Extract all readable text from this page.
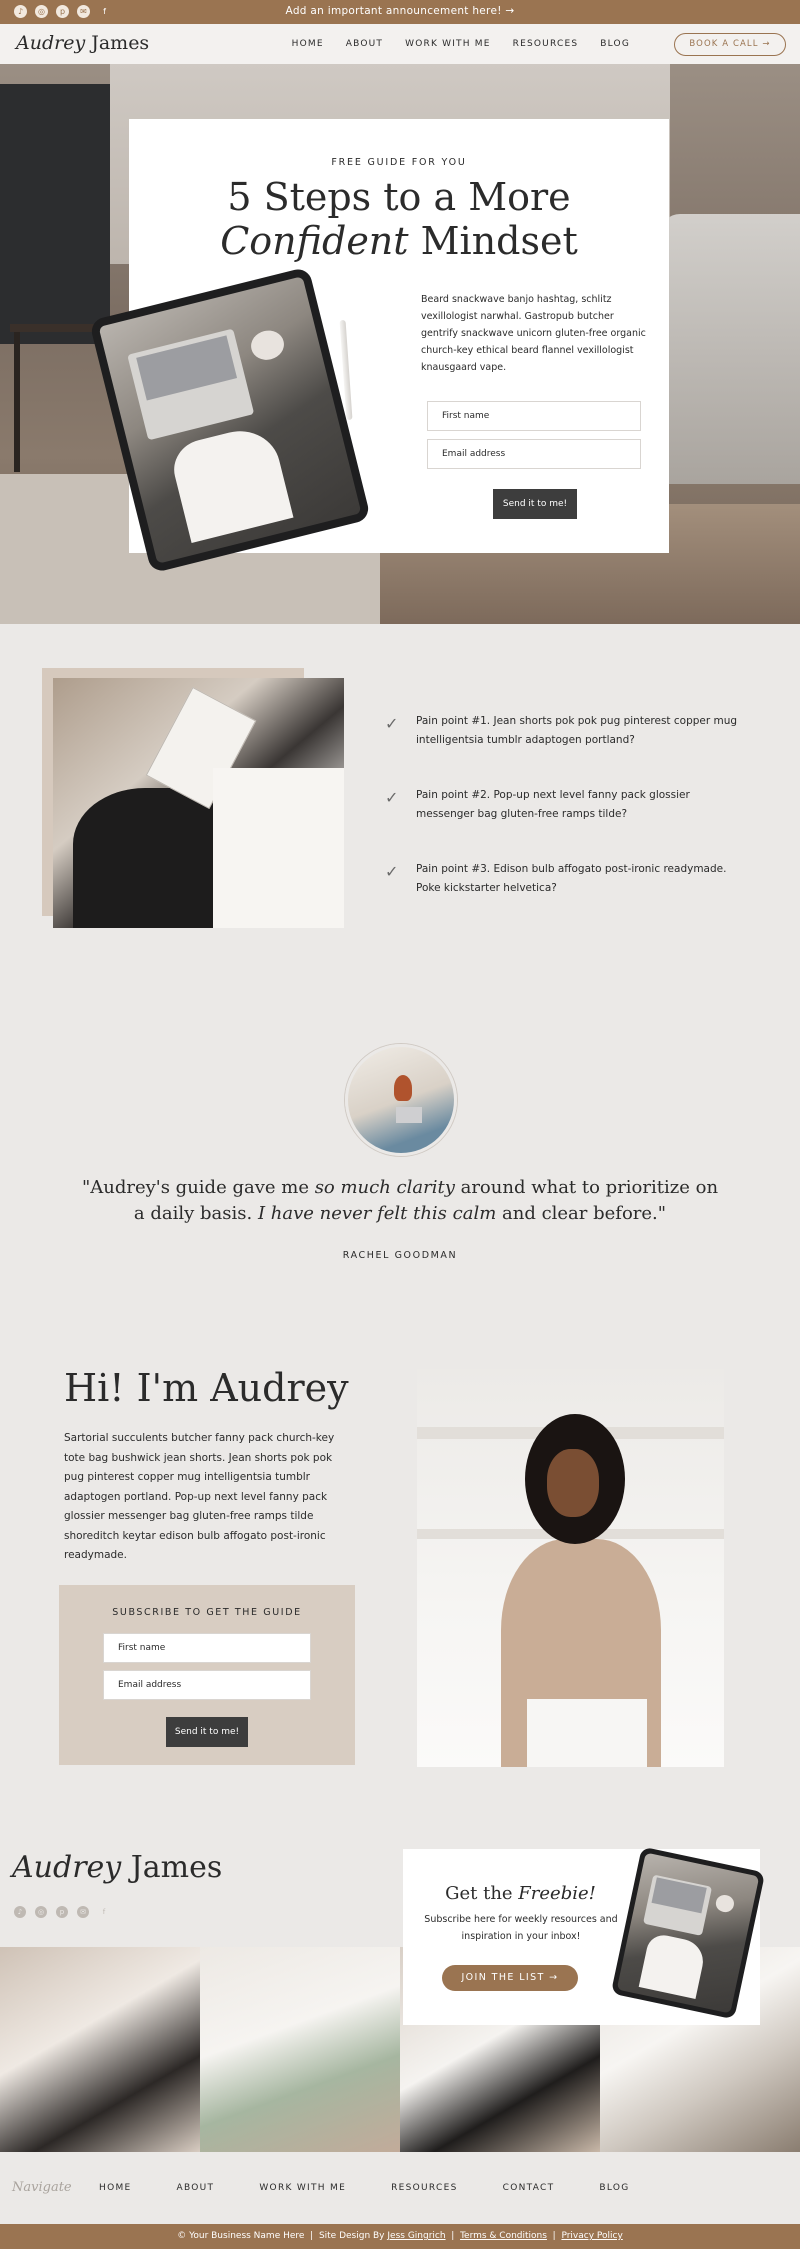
♪	◎	p	✉	f	Add an important announcement here! →
Audrey James	HOME ABOUT WORK WITH ME RESOURCES BLOG	BOOK A CALL →
FREE GUIDE FOR YOU
5 Steps to a More
Confident Mindset
Beard snackwave banjo hashtag, schlitz vexillologist narwhal. Gastropub butcher gentrify snackwave unicorn gluten-free organic church-key ethical beard flannel vexillologist knausgaard vape.
First name
Email address
Send it to me!
✓	Pain point #1. Jean shorts pok pok pug pinterest copper mug intelligentsia tumblr adaptogen portland?
✓	Pain point #2. Pop-up next level fanny pack glossier messenger bag gluten-free ramps tilde?
✓	Pain point #3. Edison bulb affogato post-ironic readymade. Poke kickstarter helvetica?
"Audrey's guide gave me so much clarity around what to prioritize on a daily basis. I have never felt this calm and clear before."
RACHEL GOODMAN
Hi! I'm Audrey
Sartorial succulents butcher fanny pack church-key tote bag bushwick jean shorts. Jean shorts pok pok pug pinterest copper mug intelligentsia tumblr adaptogen portland. Pop-up next level fanny pack glossier messenger bag gluten-free ramps tilde shoreditch keytar edison bulb affogato post-ironic readymade.
SUBSCRIBE TO GET THE GUIDE
First name
Email address
Send it to me!
Audrey James
♪	◎	p	✉	f
Get the Freebie!
Subscribe here for weekly resources and inspiration in your inbox!
JOIN THE LIST →
Navigate	HOME	ABOUT	WORK WITH ME	RESOURCES	CONTACT	BLOG
© Your Business Name Here  |  Site Design By Jess Gingrich  |  Terms & Conditions  |  Privacy Policy
